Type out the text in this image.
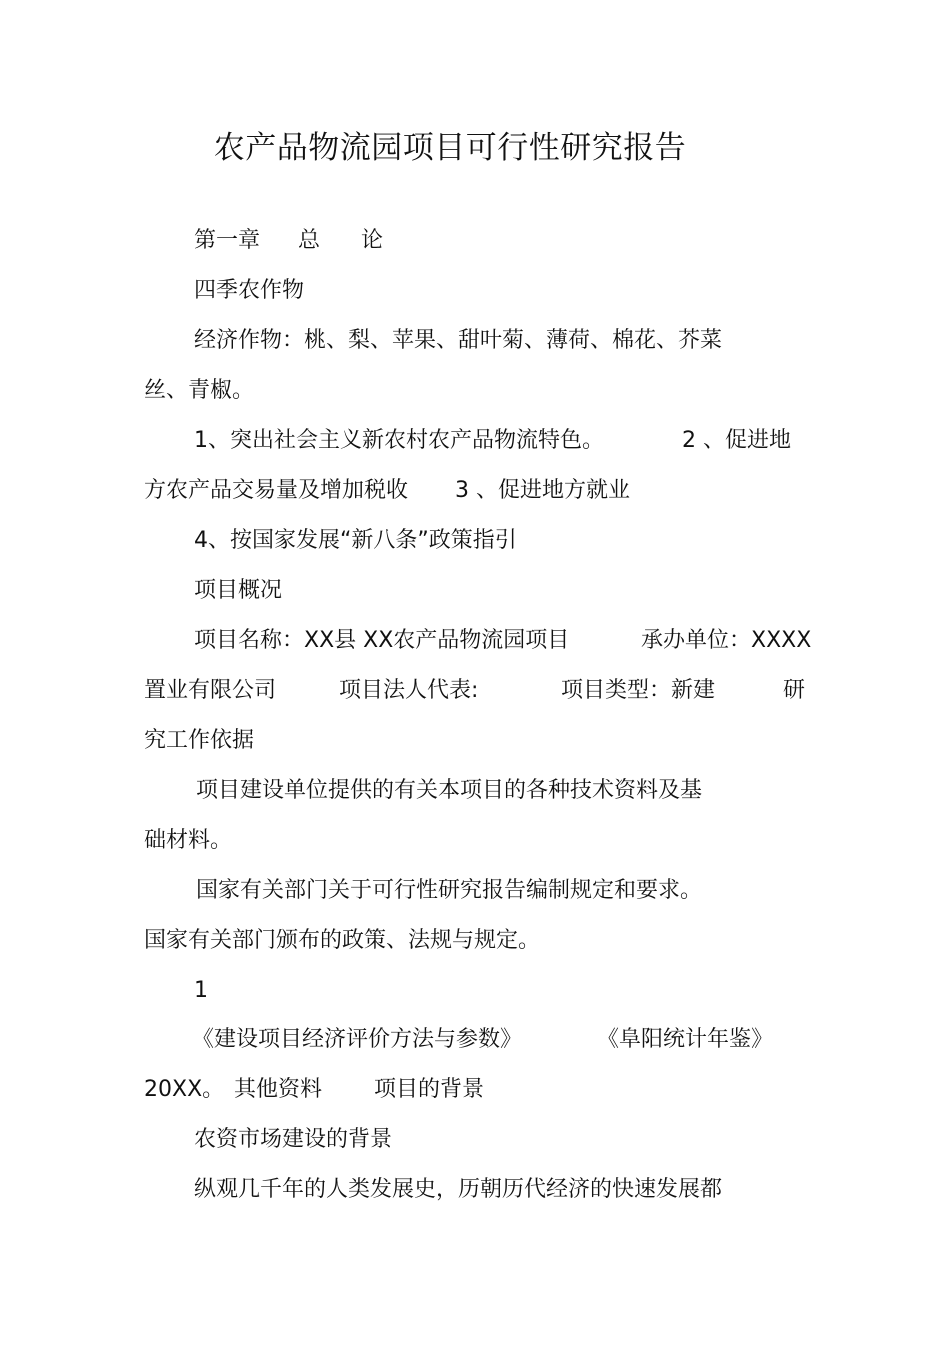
农产品物流园项目可行性研究报告
第一章 总 论
四季农作物
经济作物：桃、梨、苹果、甜叶菊、薄荷、棉花、芥菜
丝、青椒。
1、突出社会主义新农村农产品物流特色。	2 、促进地
方农产品交易量及增加税收 3 、促进地方就业
4、按国家发展“新八条”政策指引
项目概况
项目名称：XX县 XX农产品物流园项目	承办单位：XXXX
置业有限公司	项目法人代表:	项目类型：新建	研
究工作依据
项目建设单位提供的有关本项目的各种技术资料及基
础材料。
国家有关部门关于可行性研究报告编制规定和要求。
国家有关部门颁布的政策、法规与规定。
1
《建设项目经济评价方法与参数》	《阜阳统计年鉴》
20XX。 其他资料 项目的背景
农资市场建设的背景
纵观几千年的人类发展史，历朝历代经济的快速发展都
